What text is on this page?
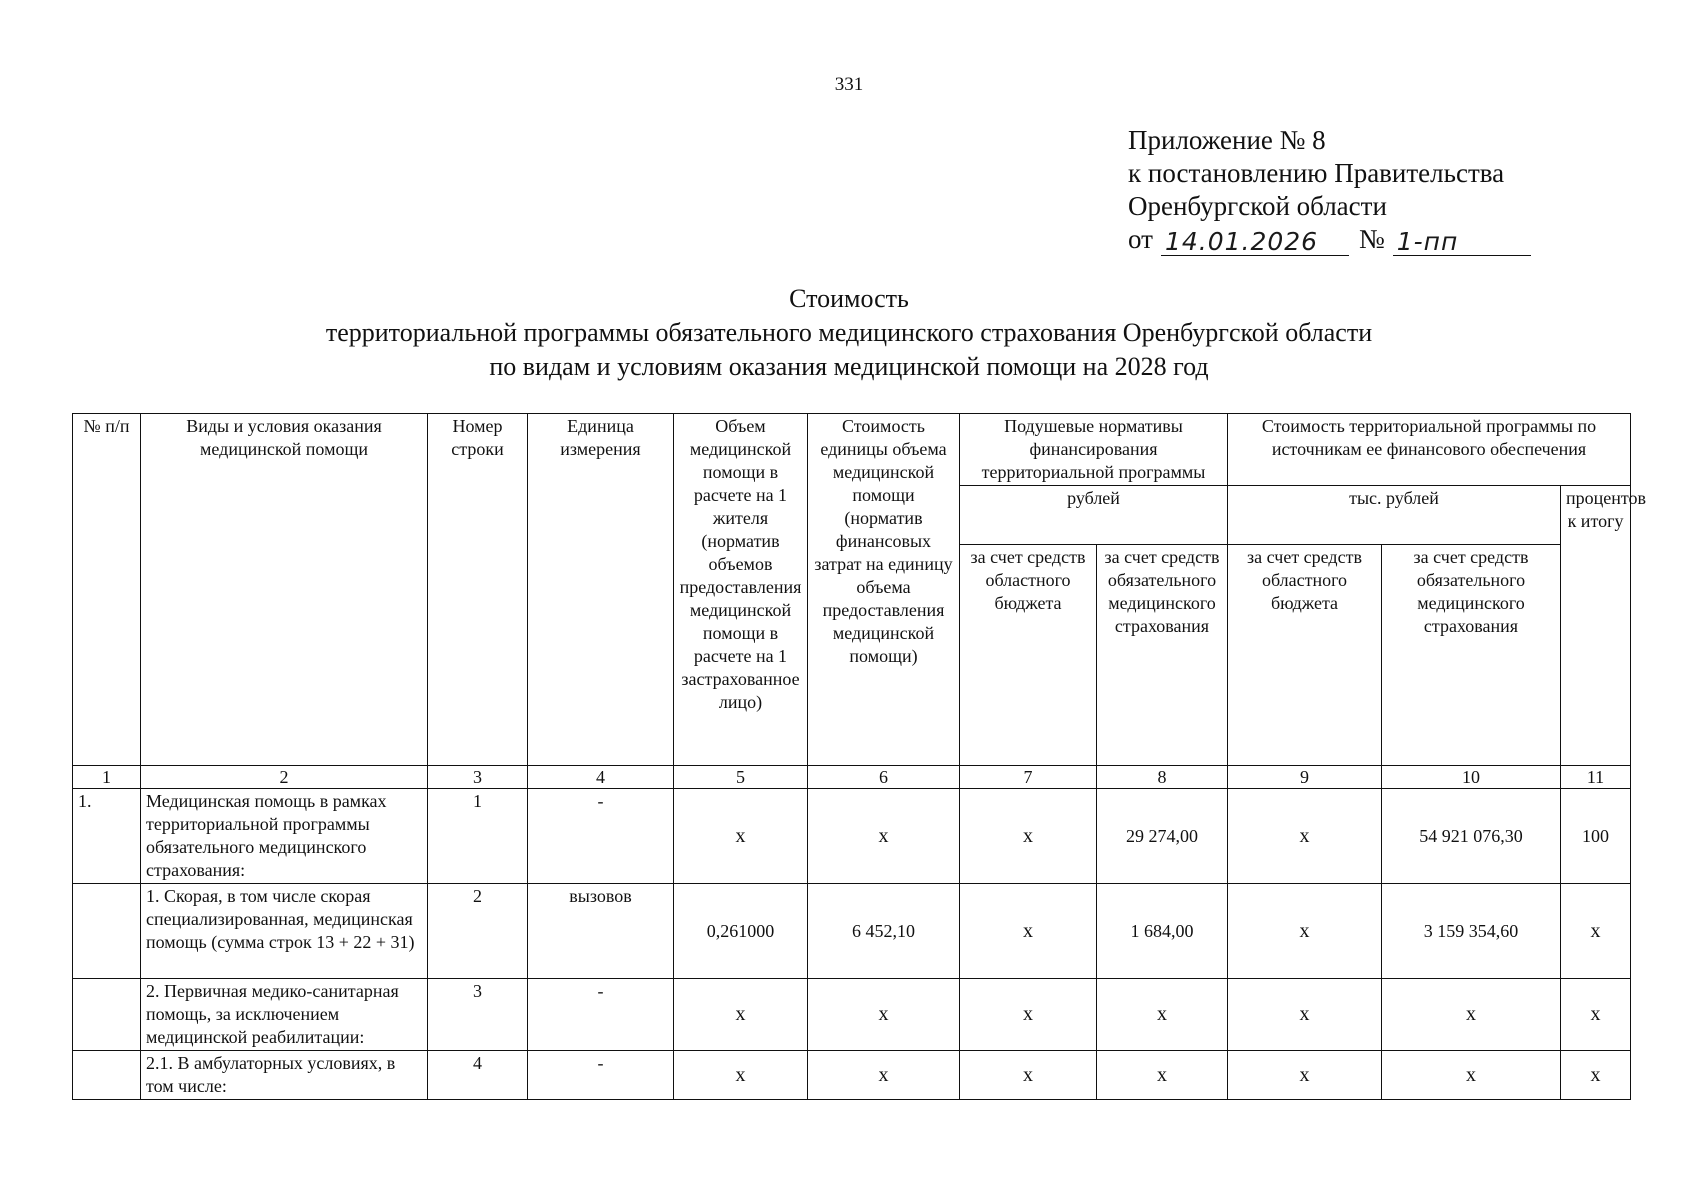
331
Приложение № 8
к постановлению Правительства
Оренбургской области
от 14.01.2026	№ 1-пп
Стоимость
территориальной программы обязательного медицинского страхования Оренбургской области
по видам и условиям оказания медицинской помощи на 2028 год
№ п/п	Виды и условия оказания медицинской помощи	Номер строки	Единица измерения	Объем медицинской помощи в расчете на 1 жителя (норматив объемов предоставления медицинской помощи в расчете на 1 застрахованное лицо)	Стоимость единицы объема медицинской помощи (норматив финансовых затрат на единицу объема предоставления медицинской помощи)	Подушевые нормативы финансирования территориальной программы		Стоимость территориальной программы по источникам ее финансового обеспечения		
						рублей		тыс. рублей		процентов к итогу
						за счет средств областного бюджета	за счет средств обязательного медицинского страхования	за счет средств областного бюджета	за счет средств обязательного медицинского страхования	
1	2	3	4	5	6	7	8	9	10	11
1.	Медицинская помощь в рамках территориальной программы обязательного медицинского страхования:	1	-	х	х	х	29 274,00	х	54 921 076,30	100
	1. Скорая, в том числе скорая специализированная, медицинская помощь (сумма строк 13 + 22 + 31)	2	вызовов	0,261000	6 452,10	х	1 684,00	х	3 159 354,60	х
	2. Первичная медико-санитарная помощь, за исключением медицинской реабилитации:	3	-	х	х	х	х	х	х	х
	2.1. В амбулаторных условиях, в том числе:	4	-	х	х	х	х	х	х	х
